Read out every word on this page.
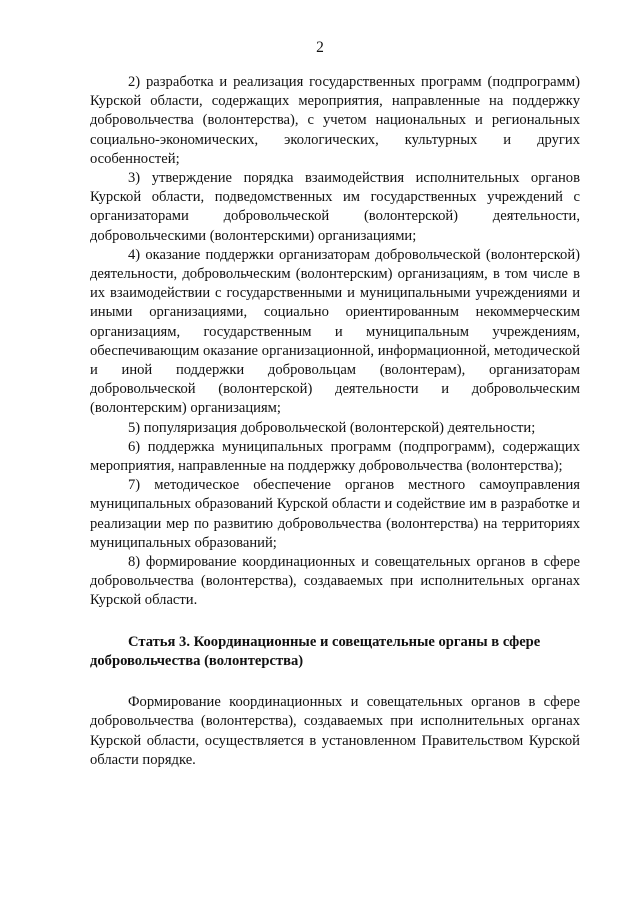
2

2) разработка и реализация государственных программ (подпрограмм) Курской области, содержащих мероприятия, направленные на поддержку добровольчества (волонтерства), с учетом национальных и региональных социально-экономических, экологических, культурных и других особенностей;

3) утверждение порядка взаимодействия исполнительных органов Курской области, подведомственных им государственных учреждений с организаторами добровольческой (волонтерской) деятельности, добровольческими (волонтерскими) организациями;

4) оказание поддержки организаторам добровольческой (волонтерской) деятельности, добровольческим (волонтерским) организациям, в том числе в их взаимодействии с государственными и муниципальными учреждениями и иными организациями, социально ориентированным некоммерческим организациям, государственным и муниципальным учреждениям, обеспечивающим оказание организационной, информационной, методической и иной поддержки добровольцам (волонтерам), организаторам добровольческой (волонтерской) деятельности и добровольческим (волонтерским) организациям;

5) популяризация добровольческой (волонтерской) деятельности;

6) поддержка муниципальных программ (подпрограмм), содержащих мероприятия, направленные на поддержку добровольчества (волонтерства);

7) методическое обеспечение органов местного самоуправления муниципальных образований Курской области и содействие им в разработке и реализации мер по развитию добровольчества (волонтерства) на территориях муниципальных образований;

8) формирование координационных и совещательных органов в сфере добровольчества (волонтерства), создаваемых при исполнительных органах Курской области.

Статья 3. Координационные и совещательные органы в сфере добровольчества (волонтерства)

Формирование координационных и совещательных органов в сфере добровольчества (волонтерства), создаваемых при исполнительных органах Курской области, осуществляется в установленном Правительством Курской области порядке.
